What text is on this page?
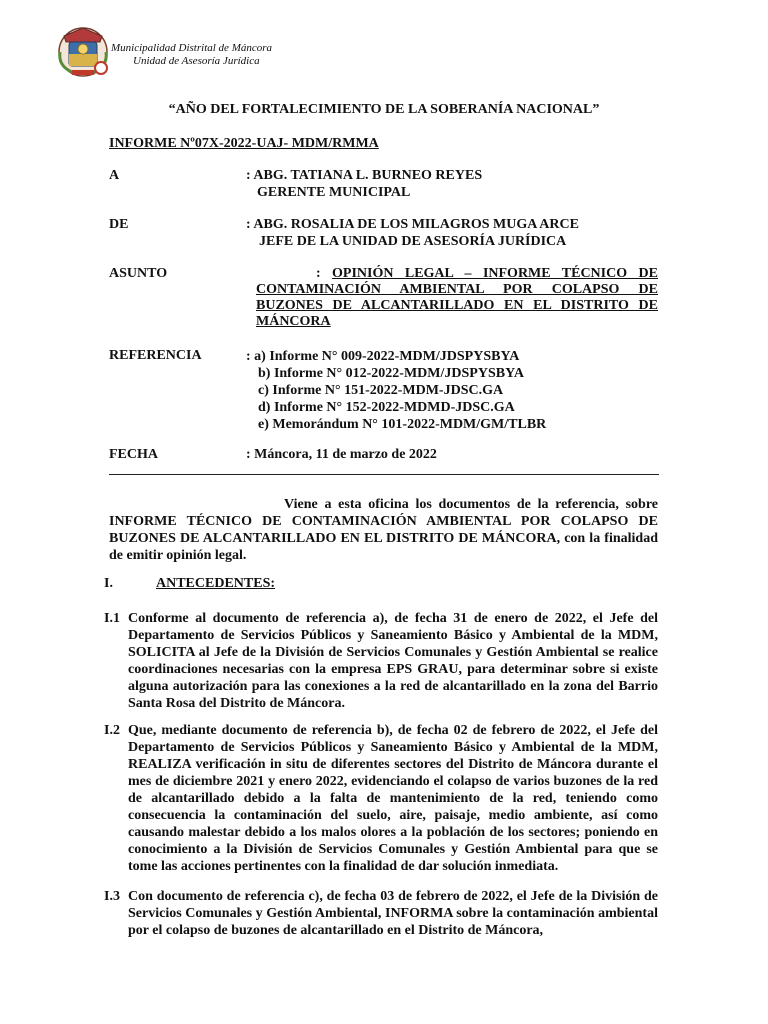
Municipalidad Distrital de Máncora
Unidad de Asesoría Jurídica
“AÑO DEL FORTALECIMIENTO DE LA SOBERANÍA NACIONAL”
INFORME Nº07X-2022-UAJ- MDM/RMMA
A	: ABG. TATIANA L. BURNEO REYES
GERENTE MUNICIPAL
DE	: ABG. ROSALIA DE LOS MILAGROS MUGA ARCE
JEFE DE LA UNIDAD DE ASESORÍA JURÍDICA
ASUNTO	: OPINIÓN LEGAL – INFORME TÉCNICO DE
CONTAMINACIÓN AMBIENTAL POR COLAPSO DE
BUZONES DE ALCANTARILLADO EN EL DISTRITO DE
MÁNCORA
REFERENCIA	: a) Informe N° 009-2022-MDM/JDSPYSBYA
b) Informe N° 012-2022-MDM/JDSPYSBYA
c) Informe N° 151-2022-MDM-JDSC.GA
d) Informe N° 152-2022-MDMD-JDSC.GA
e) Memorándum N° 101-2022-MDM/GM/TLBR
FECHA	: Máncora, 11 de marzo de 2022
Viene a esta oficina los documentos de la referencia, sobre
INFORME TÉCNICO DE CONTAMINACIÓN AMBIENTAL POR COLAPSO DE BUZONES DE ALCANTARILLADO EN EL DISTRITO DE MÁNCORA, con la finalidad de emitir opinión legal.
I.	ANTECEDENTES:
I.1 Conforme al documento de referencia a), de fecha 31 de enero de 2022, el Jefe del Departamento de Servicios Públicos y Saneamiento Básico y Ambiental de la MDM, SOLICITA al Jefe de la División de Servicios Comunales y Gestión Ambiental se realice coordinaciones necesarias con la empresa EPS GRAU, para determinar sobre si existe alguna autorización para las conexiones a la red de alcantarillado en la zona del Barrio Santa Rosa del Distrito de Máncora.
I.2 Que, mediante documento de referencia b), de fecha 02 de febrero de 2022, el Jefe del Departamento de Servicios Públicos y Saneamiento Básico y Ambiental de la MDM, REALIZA verificación in situ de diferentes sectores del Distrito de Máncora durante el mes de diciembre 2021 y enero 2022, evidenciando el colapso de varios buzones de la red de alcantarillado debido a la falta de mantenimiento de la red, teniendo como consecuencia la contaminación del suelo, aire, paisaje, medio ambiente, así como causando malestar debido a los malos olores a la población de los sectores; poniendo en conocimiento a la División de Servicios Comunales y Gestión Ambiental para que se tome las acciones pertinentes con la finalidad de dar solución inmediata.
I.3 Con documento de referencia c), de fecha 03 de febrero de 2022, el Jefe de la División de Servicios Comunales y Gestión Ambiental, INFORMA sobre la contaminación ambiental por el colapso de buzones de alcantarillado en el Distrito de Máncora,
